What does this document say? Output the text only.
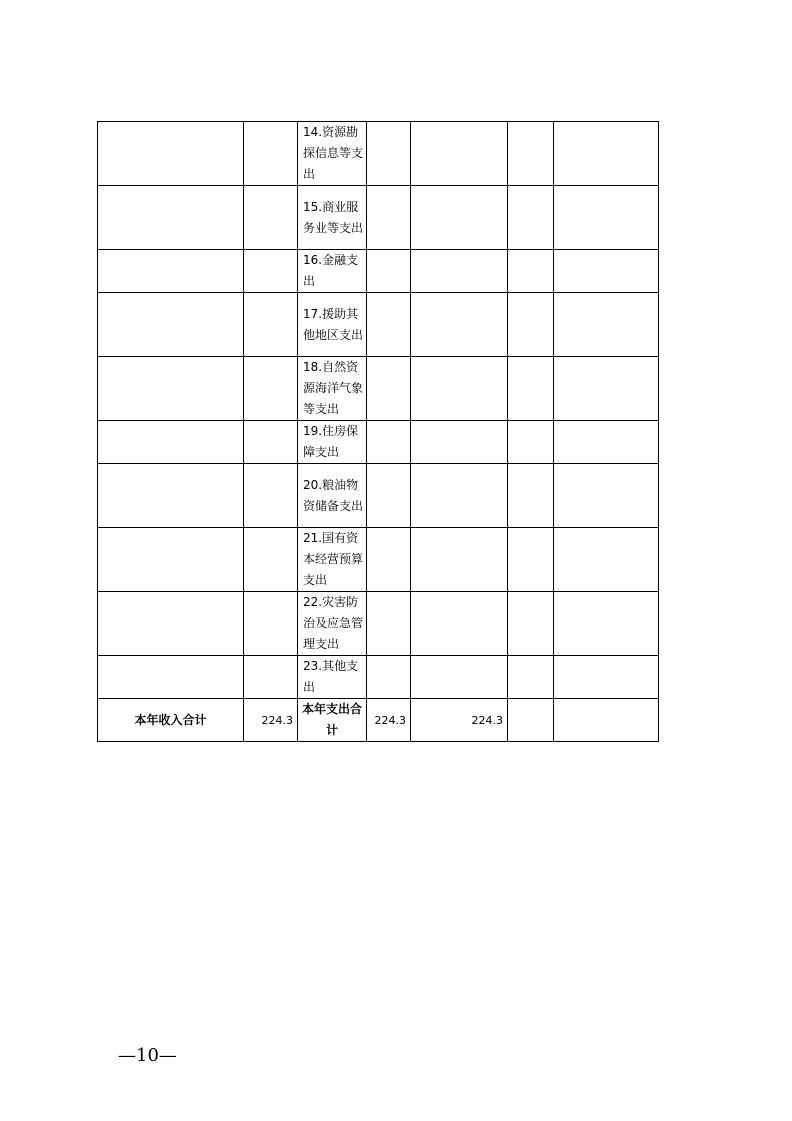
		14.资源勘探信息等支出				
		15.商业服务业等支出				
		16.金融支出				
		17.援助其他地区支出				
		18.自然资源海洋气象等支出				
		19.住房保障支出				
		20.粮油物资储备支出				
		21.国有资本经营预算支出				
		22.灾害防治及应急管理支出				
		23.其他支出				
本年收入合计	224.3	本年支出合计	224.3	224.3		
—10—
